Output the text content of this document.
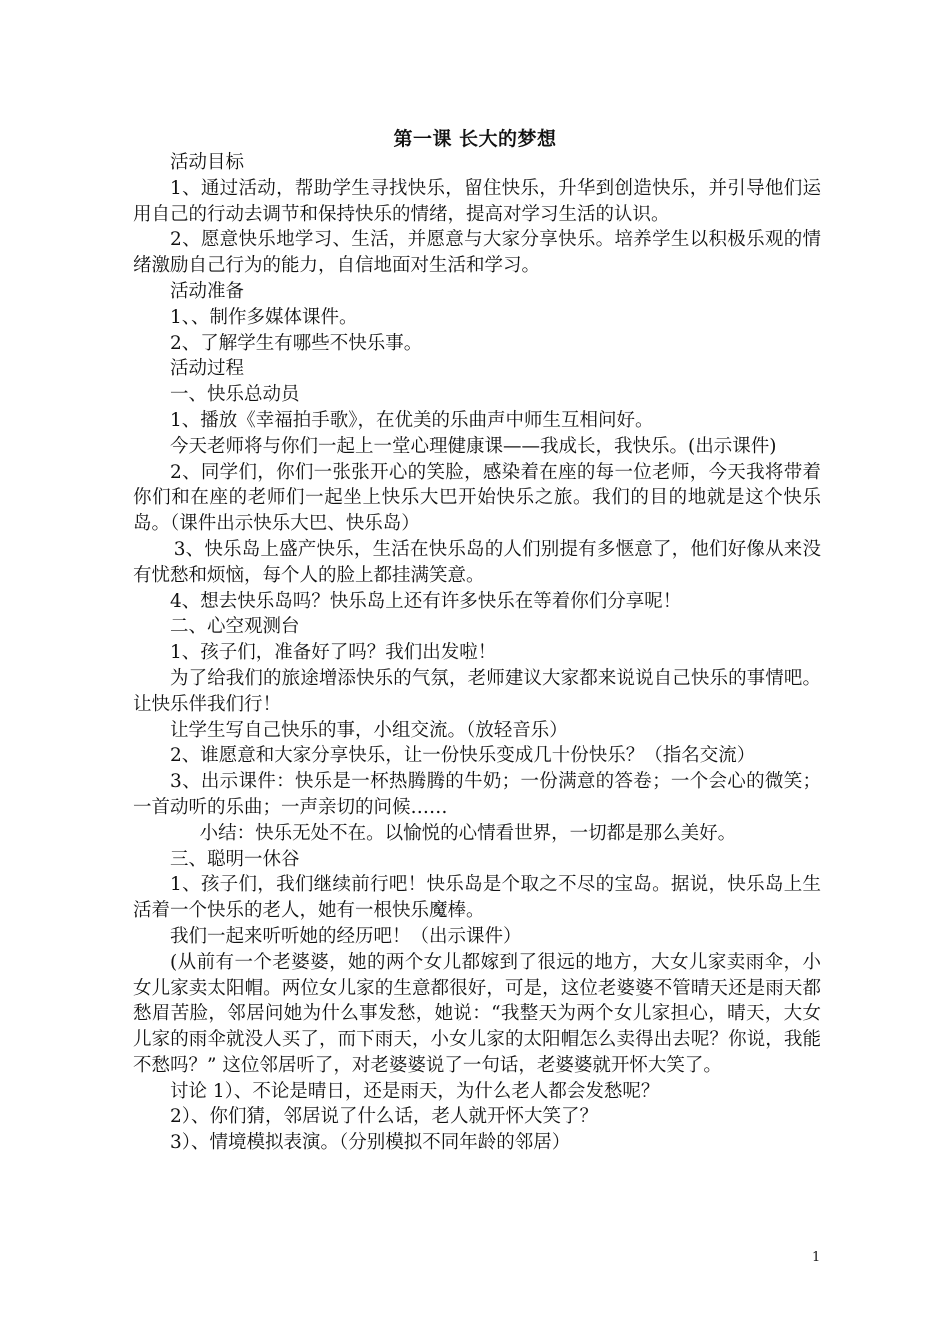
第一课 长大的梦想

活动目标

1、通过活动，帮助学生寻找快乐，留住快乐，升华到创造快乐，并引导他们运用自己的行动去调节和保持快乐的情绪，提高对学习生活的认识。

2、愿意快乐地学习、生活，并愿意与大家分享快乐。培养学生以积极乐观的情绪激励自己行为的能力，自信地面对生活和学习。

活动准备

1、、制作多媒体课件。

2、了解学生有哪些不快乐事。

活动过程

一、快乐总动员

1、播放《幸福拍手歌》，在优美的乐曲声中师生互相问好。

今天老师将与你们一起上一堂心理健康课——我成长，我快乐。(出示课件)

2、同学们，你们一张张开心的笑脸，感染着在座的每一位老师，今天我将带着你们和在座的老师们一起坐上快乐大巴开始快乐之旅。我们的目的地就是这个快乐岛。（课件出示快乐大巴、快乐岛）

3、快乐岛上盛产快乐，生活在快乐岛的人们别提有多惬意了，他们好像从来没有忧愁和烦恼，每个人的脸上都挂满笑意。

4、想去快乐岛吗？快乐岛上还有许多快乐在等着你们分享呢！

二、心空观测台

1、孩子们，准备好了吗？我们出发啦！

为了给我们的旅途增添快乐的气氛，老师建议大家都来说说自己快乐的事情吧。让快乐伴我们行！

让学生写自己快乐的事，小组交流。（放轻音乐）

2、谁愿意和大家分享快乐，让一份快乐变成几十份快乐？（指名交流）

3、出示课件：快乐是一杯热腾腾的牛奶；一份满意的答卷；一个会心的微笑；一首动听的乐曲；一声亲切的问候……

小结：快乐无处不在。以愉悦的心情看世界，一切都是那么美好。

三、聪明一休谷

1、孩子们，我们继续前行吧！快乐岛是个取之不尽的宝岛。据说，快乐岛上生活着一个快乐的老人，她有一根快乐魔棒。

我们一起来听听她的经历吧！（出示课件）

(从前有一个老婆婆，她的两个女儿都嫁到了很远的地方，大女儿家卖雨伞，小女儿家卖太阳帽。两位女儿家的生意都很好，可是，这位老婆婆不管晴天还是雨天都愁眉苦脸，邻居问她为什么事发愁，她说：“我整天为两个女儿家担心，晴天，大女儿家的雨伞就没人买了，而下雨天，小女儿家的太阳帽怎么卖得出去呢？你说，我能不愁吗？” 这位邻居听了，对老婆婆说了一句话，老婆婆就开怀大笑了。

讨论 1）、不论是晴日，还是雨天，为什么老人都会发愁呢？

2）、你们猜，邻居说了什么话，老人就开怀大笑了？

3）、情境模拟表演。（分别模拟不同年龄的邻居）

1
